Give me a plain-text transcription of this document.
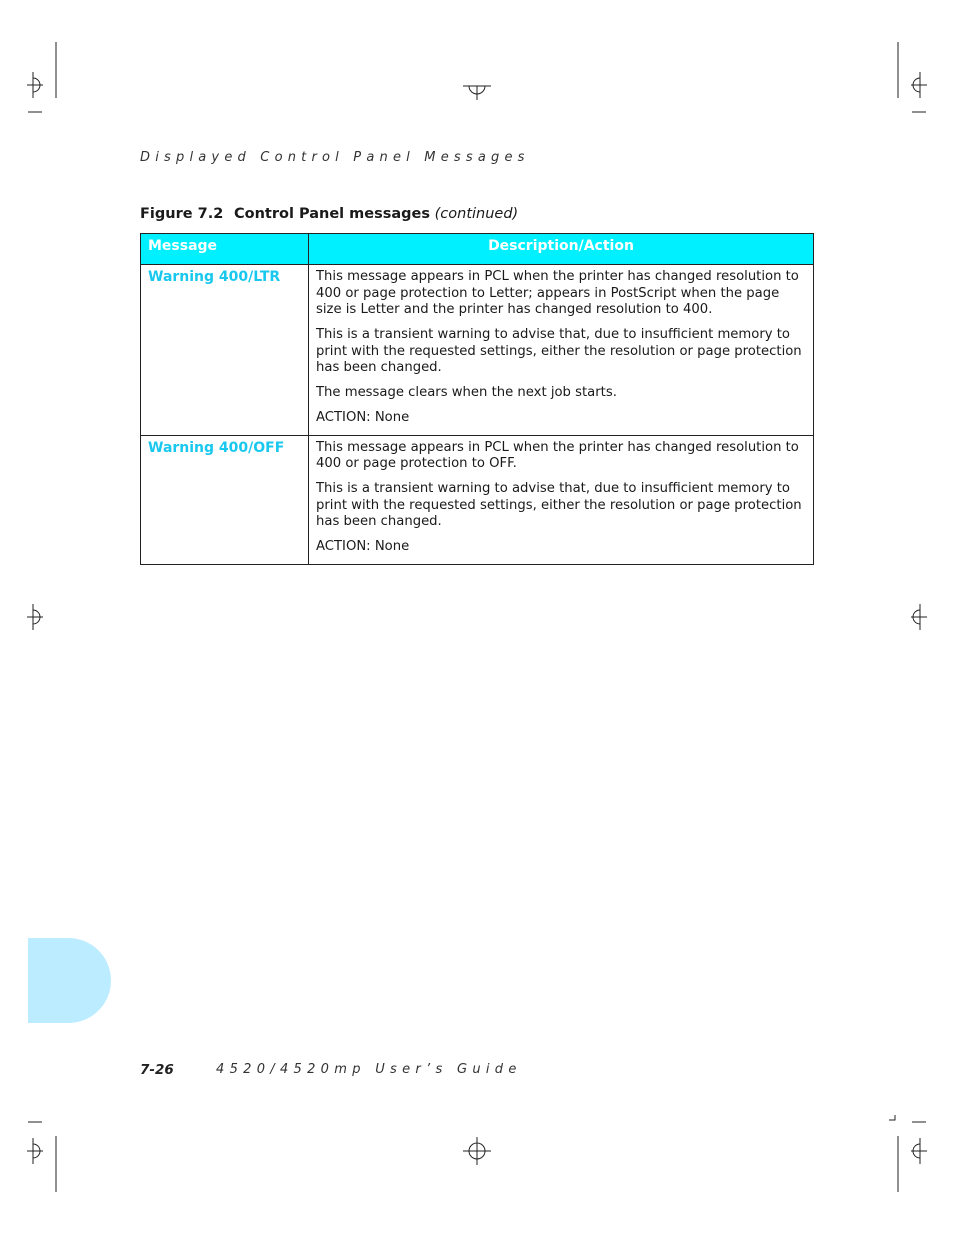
Displayed Control Panel Messages
Figure 7.2 Control Panel messages (continued)
Message	Description/Action
Warning 400/LTR	This message appears in PCL when the printer has changed resolution to 400 or page protection to Letter; appears in PostScript when the page size is Letter and the printer has changed resolution to 400.

This is a transient warning to advise that, due to insufficient memory to print with the requested settings, either the resolution or page protection has been changed.

The message clears when the next job starts.

ACTION: None

Warning 400/OFF	This message appears in PCL when the printer has changed resolution to 400 or page protection to OFF.

This is a transient warning to advise that, due to insufficient memory to print with the requested settings, either the resolution or page protection has been changed.

ACTION: None

7-26	4520/4520mp User’s Guide
